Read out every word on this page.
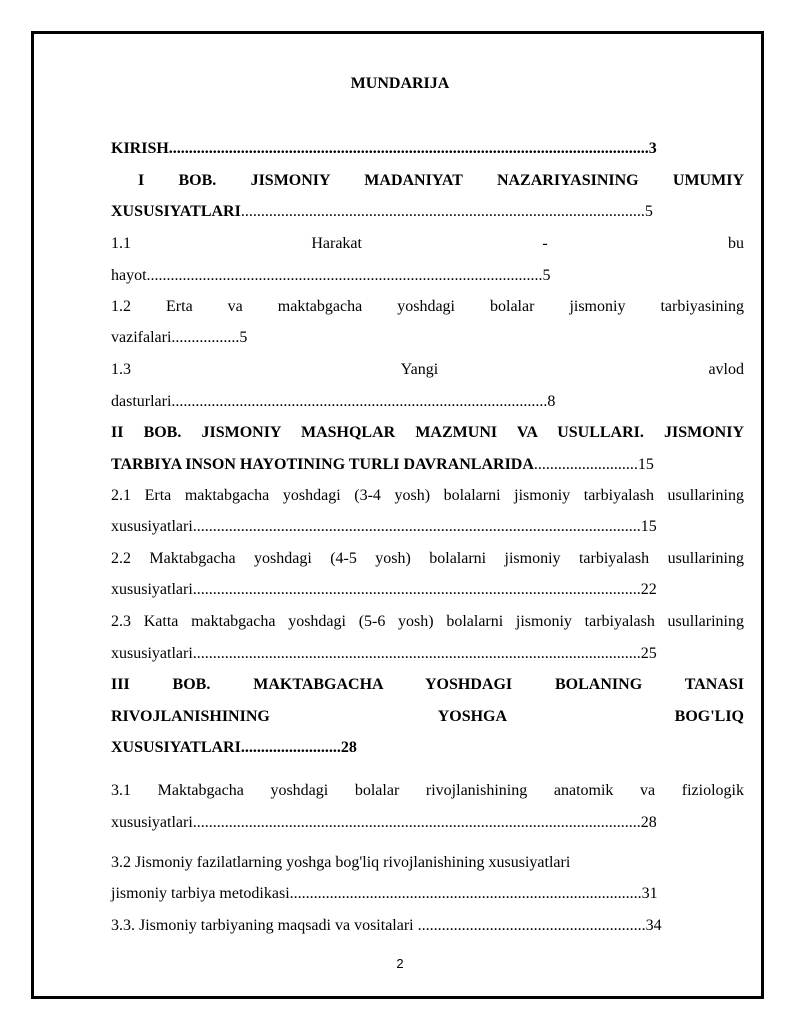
MUNDARIJA
KIRISH........................................................................................................................3
I BOB. JISMONIY MADANIYAT NAZARIYASINING UMUMIY
XUSUSIYATLARI.....................................................................................................5
1.1 Harakat - bu
hayot...................................................................................................5
1.2 Erta va maktabgacha yoshdagi bolalar jismoniy tarbiyasining
vazifalari.................5
1.3 Yangi avlod
dasturlari..............................................................................................8
II BOB. JISMONIY MASHQLAR MAZMUNI VA USULLARI. JISMONIY
TARBIYA INSON HAYOTINING TURLI DAVRANLARIDA..........................15
2.1 Erta maktabgacha yoshdagi (3-4 yosh) bolalarni jismoniy tarbiyalash usullarining
xususiyatlari................................................................................................................15
2.2 Maktabgacha yoshdagi (4-5 yosh) bolalarni jismoniy tarbiyalash usullarining
xususiyatlari................................................................................................................22
2.3 Katta maktabgacha yoshdagi (5-6 yosh) bolalarni jismoniy tarbiyalash usullarining
xususiyatlari................................................................................................................25
III BOB. MAKTABGACHA YOSHDAGI BOLANING TANASI
RIVOJLANISHINING YOSHGA BOG'LIQ
XUSUSIYATLARI.........................28
3.1 Maktabgacha yoshdagi bolalar rivojlanishining anatomik va fiziologik
xususiyatlari................................................................................................................28
3.2 Jismoniy fazilatlarning yoshga bog'liq rivojlanishining xususiyatlari
jismoniy tarbiya metodikasi........................................................................................31
3.3. Jismoniy tarbiyaning maqsadi va vositalari .........................................................34
2
